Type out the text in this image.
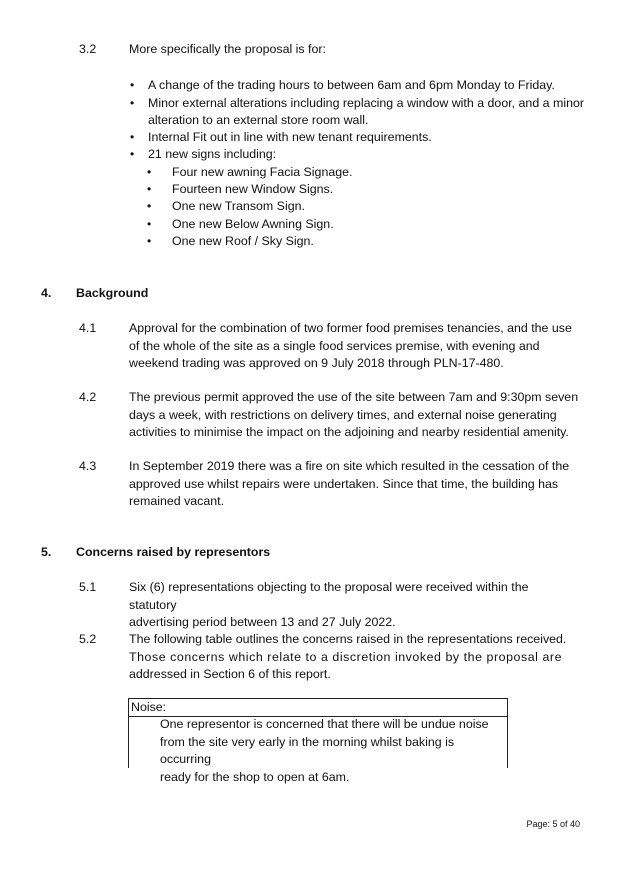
3.2	More specifically the proposal is for:
• A change of the trading hours to between 6am and 6pm Monday to Friday.
• Minor external alterations including replacing a window with a door, and a minor
alteration to an external store room wall.
• Internal Fit out in line with new tenant requirements.
• 21 new signs including:
• Four new awning Facia Signage.
• Fourteen new Window Signs.
• One new Transom Sign.
• One new Below Awning Sign.
• One new Roof / Sky Sign.
4. Background
4.1	Approval for the combination of two former food premises tenancies, and the use
of the whole of the site as a single food services premise, with evening and
weekend trading was approved on 9 July 2018 through PLN-17-480.
4.2	The previous permit approved the use of the site between 7am and 9:30pm seven
days a week, with restrictions on delivery times, and external noise generating
activities to minimise the impact on the adjoining and nearby residential amenity.
4.3	In September 2019 there was a fire on site which resulted in the cessation of the
approved use whilst repairs were undertaken. Since that time, the building has
remained vacant.
5. Concerns raised by representors
5.1	Six (6) representations objecting to the proposal were received within the statutory
advertising period between 13 and 27 July 2022.
5.2	The following table outlines the concerns raised in the representations received.
Those concerns which relate to a discretion invoked by the proposal are
addressed in Section 6 of this report.
Noise:
One representor is concerned that there will be undue noise
from the site very early in the morning whilst baking is occurring
ready for the shop to open at 6am.
Page: 5 of 40
